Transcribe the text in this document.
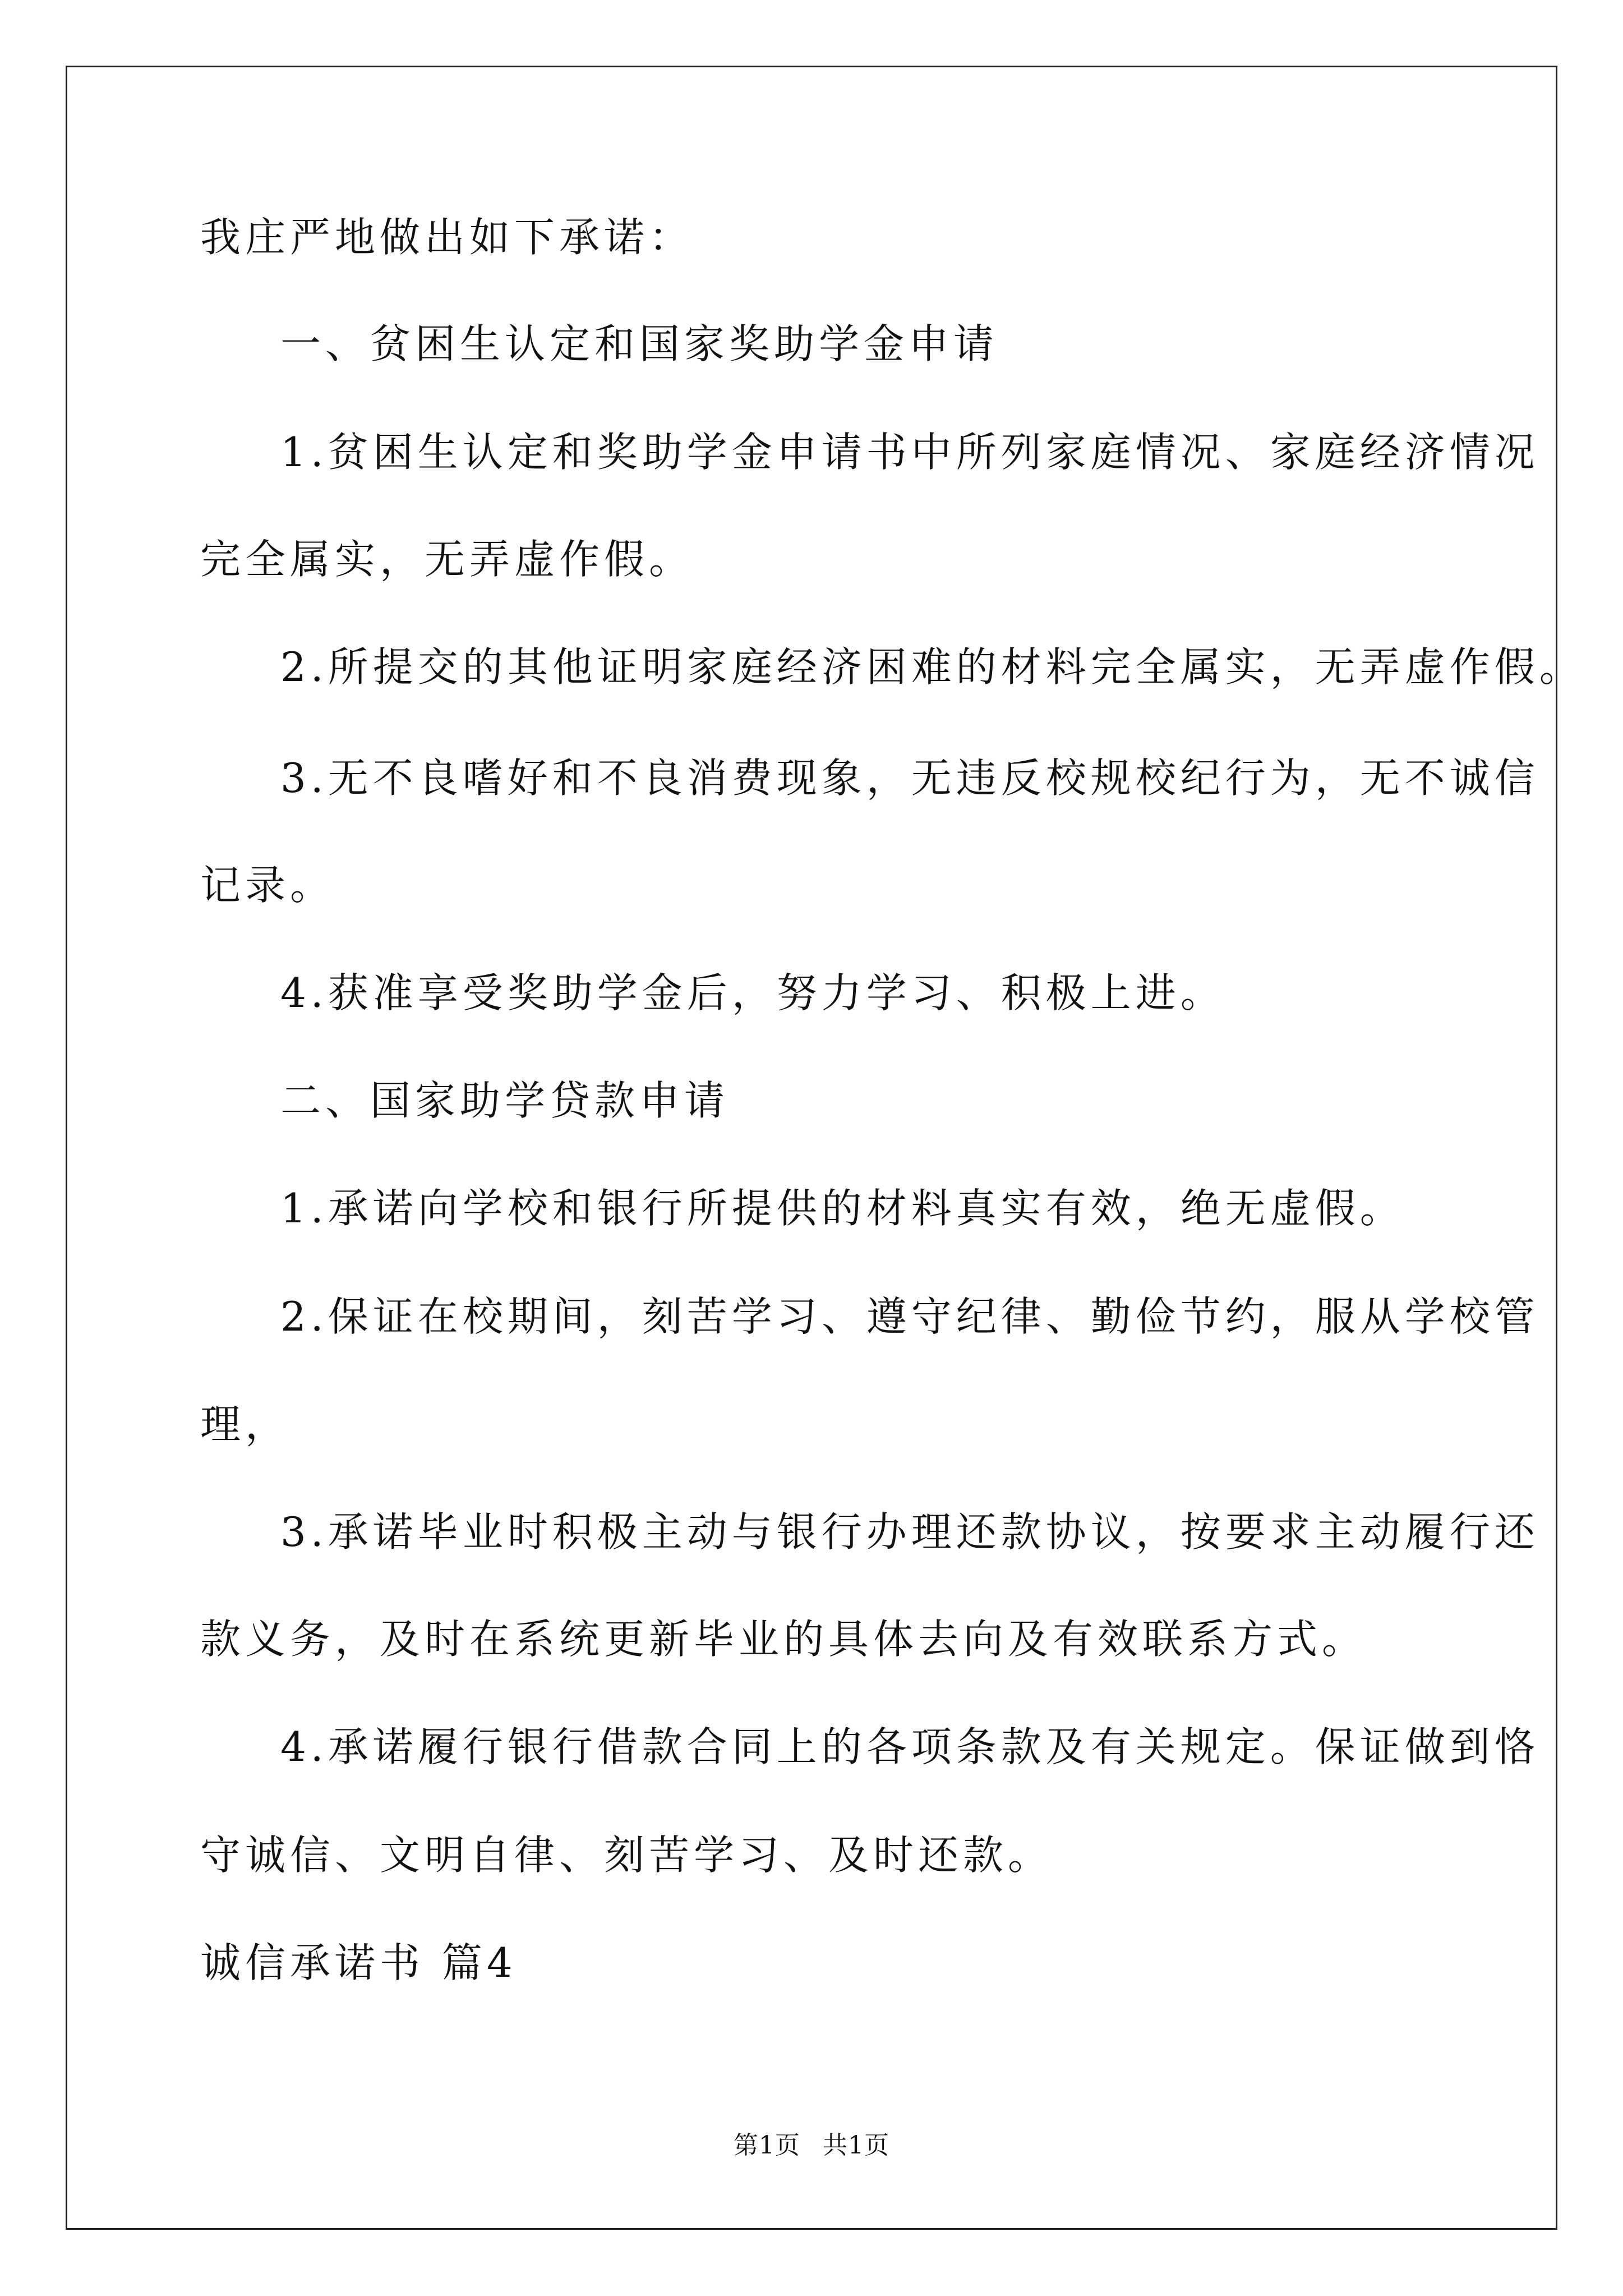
我庄严地做出如下承诺：
一、贫困生认定和国家奖助学金申请
1.贫困生认定和奖助学金申请书中所列家庭情况、家庭经济情况
完全属实，无弄虚作假。
2.所提交的其他证明家庭经济困难的材料完全属实，无弄虚作假。
3.无不良嗜好和不良消费现象，无违反校规校纪行为，无不诚信
记录。
4.获准享受奖助学金后，努力学习、积极上进。
二、国家助学贷款申请
1.承诺向学校和银行所提供的材料真实有效，绝无虚假。
2.保证在校期间，刻苦学习、遵守纪律、勤俭节约，服从学校管
理，
3.承诺毕业时积极主动与银行办理还款协议，按要求主动履行还
款义务，及时在系统更新毕业的具体去向及有效联系方式。
4.承诺履行银行借款合同上的各项条款及有关规定。保证做到恪
守诚信、文明自律、刻苦学习、及时还款。
诚信承诺书 篇4
第1页 共1页
